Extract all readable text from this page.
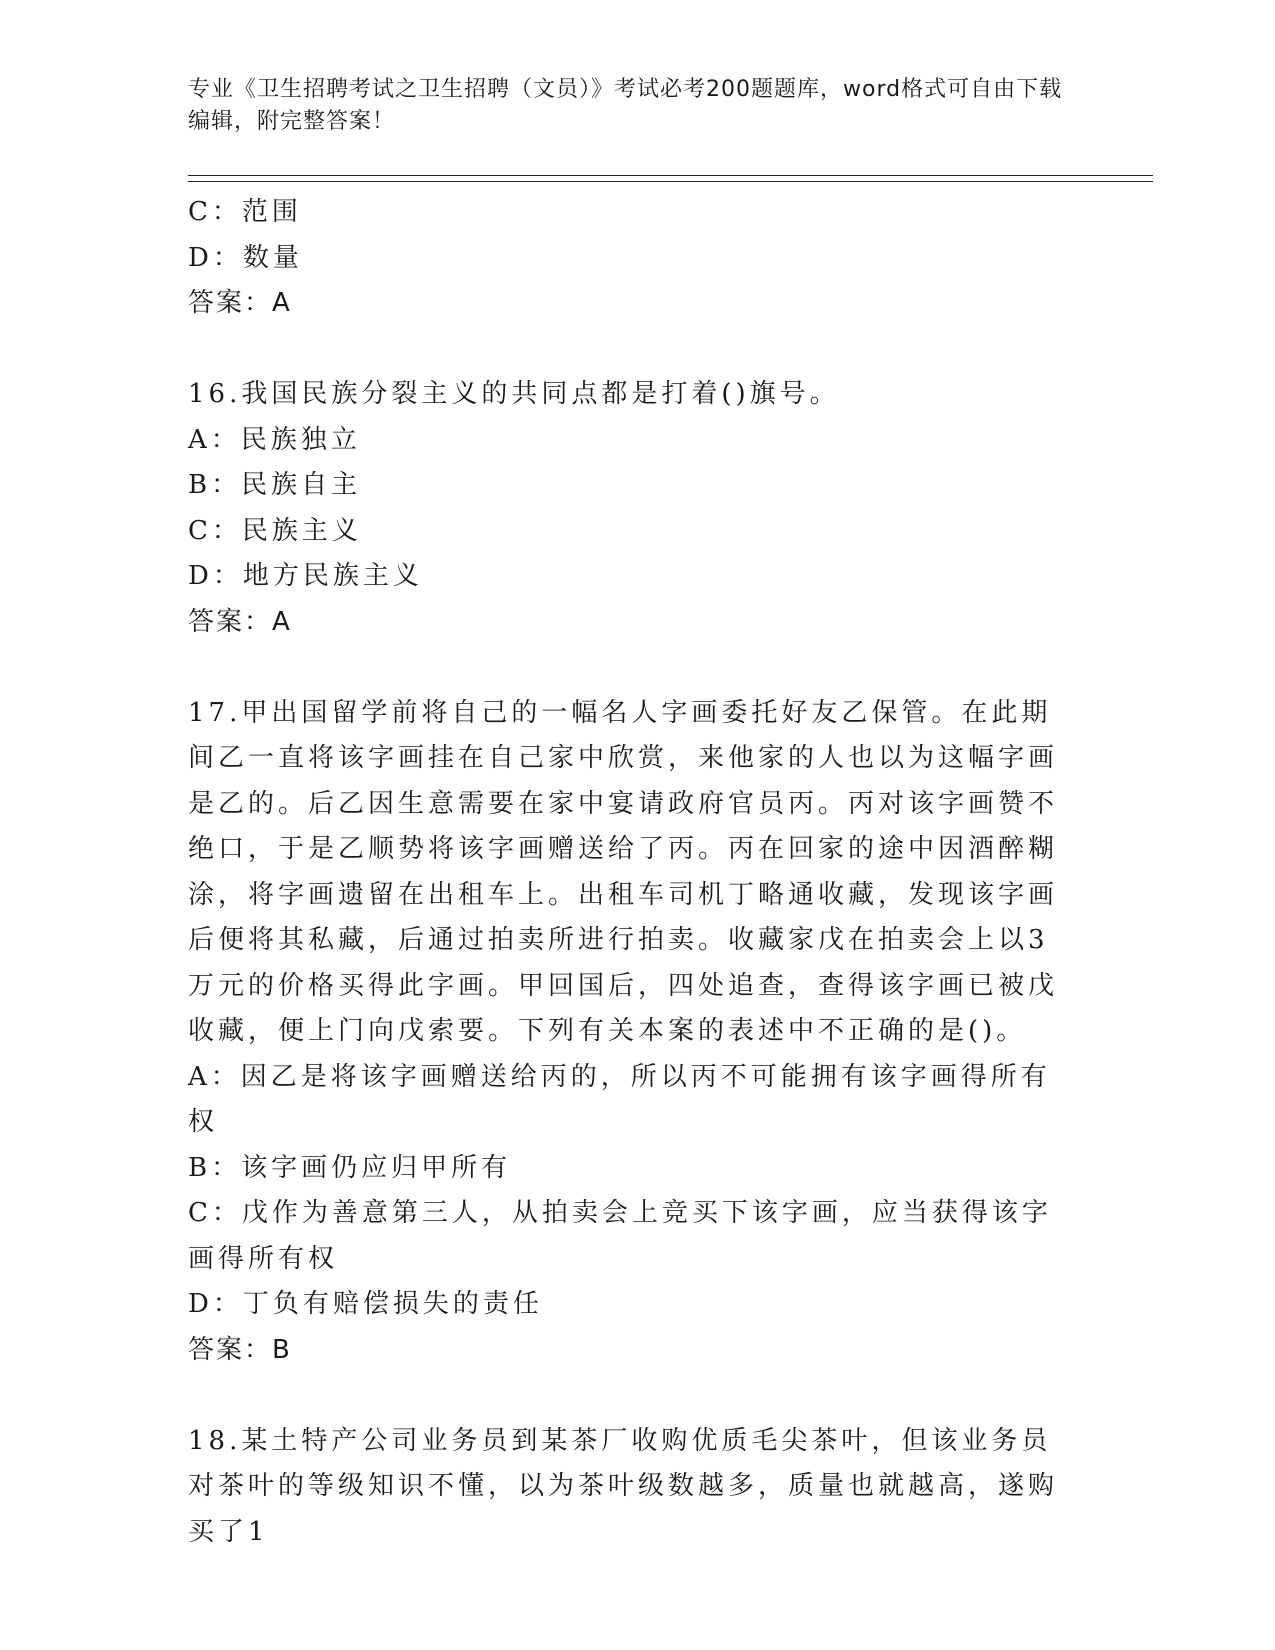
专业《卫生招聘考试之卫生招聘（文员）》考试必考200题题库，word格式可自由下载编辑，附完整答案！

C：范围

D：数量

答案：A

16.我国民族分裂主义的共同点都是打着()旗号。

A：民族独立

B：民族自主

C：民族主义

D：地方民族主义

答案：A

17.甲出国留学前将自己的一幅名人字画委托好友乙保管。在此期间乙一直将该字画挂在自己家中欣赏，来他家的人也以为这幅字画是乙的。后乙因生意需要在家中宴请政府官员丙。丙对该字画赞不绝口，于是乙顺势将该字画赠送给了丙。丙在回家的途中因酒醉糊涂，将字画遗留在出租车上。出租车司机丁略通收藏，发现该字画后便将其私藏，后通过拍卖所进行拍卖。收藏家戊在拍卖会上以3万元的价格买得此字画。甲回国后，四处追查，查得该字画已被戊收藏，便上门向戊索要。下列有关本案的表述中不正确的是()。

A：因乙是将该字画赠送给丙的，所以丙不可能拥有该字画得所有权

B：该字画仍应归甲所有

C：戊作为善意第三人，从拍卖会上竞买下该字画，应当获得该字画得所有权

D：丁负有赔偿损失的责任

答案：B

18.某土特产公司业务员到某茶厂收购优质毛尖茶叶，但该业务员对茶叶的等级知识不懂，以为茶叶级数越多，质量也就越高，遂购买了1
